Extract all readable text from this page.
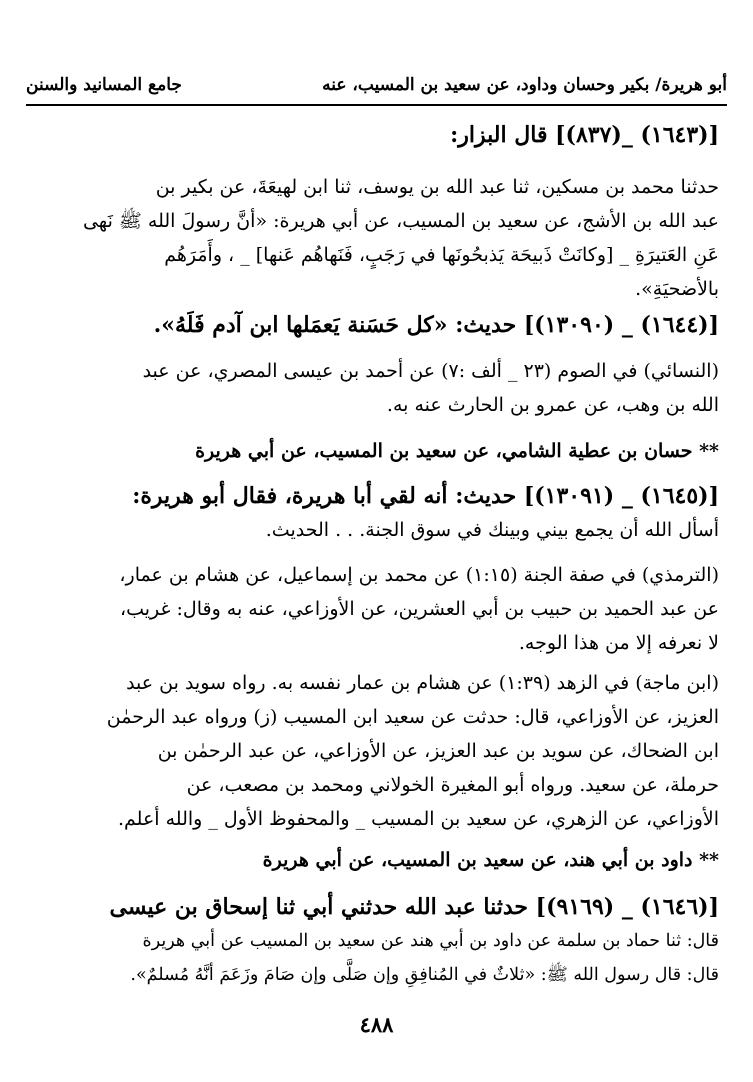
أبو هريرة/ بكير وحسان وداود، عن سعيد بن المسيب، عنه
جامع المسانيد والسنن
[(١٦٤٣) _(٨٣٧)] قال البزار:
حدثنا محمد بن مسكين، ثنا عبد الله بن يوسف، ثنا ابن لهيعَةَ، عن بكير بن
عبد الله بن الأشج، عن سعيد بن المسيب، عن أبي هريرة: «أنَّ رسولَ الله ﷺ نَهى
عَنِ العَتيرَةِ _ [وكانَتْ ذَبيحَة يَذبحُونَها في رَجَبٍ، فَنَهاهُم عَنها] _ ، وأَمَرَهُم
بالأضحيَةِ».
[(١٦٤٤) _ (١٣٠٩٠)] حديث: «كل حَسَنة يَعمَلها ابن آدم فَلَهُ».
(النسائي) في الصوم (٢٣ _ ألف :٧) عن أحمد بن عيسى المصري، عن عبد
الله بن وهب، عن عمرو بن الحارث عنه به.
** حسان بن عطية الشامي، عن سعيد بن المسيب، عن أبي هريرة
[(١٦٤٥) _ (١٣٠٩١)] حديث: أنه لقي أبا هريرة، فقال أبو هريرة:
أسأل الله أن يجمع بيني وبينك في سوق الجنة. . . الحديث.
(الترمذي) في صفة الجنة (١:١٥) عن محمد بن إسماعيل، عن هشام بن عمار،
عن عبد الحميد بن حبيب بن أبي العشرين، عن الأوزاعي، عنه به وقال: غريب،
لا نعرفه إلا من هذا الوجه.
(ابن ماجة) في الزهد (١:٣٩) عن هشام بن عمار نفسه به. رواه سويد بن عبد
العزيز، عن الأوزاعي، قال: حدثت عن سعيد ابن المسيب (ز) ورواه عبد الرحمٰن
ابن الضحاك، عن سويد بن عبد العزيز، عن الأوزاعي، عن عبد الرحمٰن بن
حرملة، عن سعيد. ورواه أبو المغيرة الخولاني ومحمد بن مصعب، عن
الأوزاعي، عن الزهري، عن سعيد بن المسيب _ والمحفوظ الأول _ والله أعلم.
** داود بن أبي هند، عن سعيد بن المسيب، عن أبي هريرة
[(١٦٤٦) _ (٩١٦٩)] حدثنا عبد الله حدثني أبي ثنا إسحاق بن عيسى
قال: ثنا حماد بن سلمة عن داود بن أبي هند عن سعيد بن المسيب عن أبي هريرة
قال: قال رسول الله ﷺ: «ثلاثٌ في المُنافِقِ وإن صَلَّى وإن صَامَ وزَعَمَ أنَّهُ مُسلمٌ».
٤٨٨
